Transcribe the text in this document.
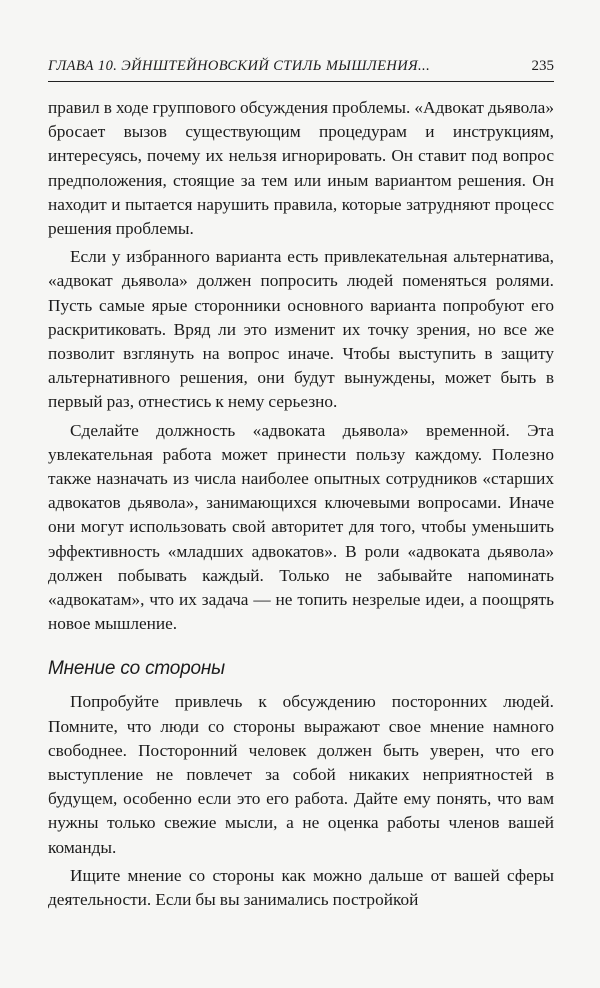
ГЛАВА 10. ЭЙНШТЕЙНОВСКИЙ СТИЛЬ МЫШЛЕНИЯ...	235

правил в ходе группового обсуждения проблемы. «Адвокат дьявола» бросает вызов существующим процедурам и инструкциям, интересуясь, почему их нельзя игнорировать. Он ставит под вопрос предположения, стоящие за тем или иным вариантом решения. Он находит и пытается нарушить правила, которые затрудняют процесс решения проблемы.

Если у избранного варианта есть привлекательная альтернатива, «адвокат дьявола» должен попросить людей поменяться ролями. Пусть самые ярые сторонники основного варианта попробуют его раскритиковать. Вряд ли это изменит их точку зрения, но все же позволит взглянуть на вопрос иначе. Чтобы выступить в защиту альтернативного решения, они будут вынуждены, может быть в первый раз, отнестись к нему серьезно.

Сделайте должность «адвоката дьявола» временной. Эта увлекательная работа может принести пользу каждому. Полезно также назначать из числа наиболее опытных сотрудников «старших адвокатов дьявола», занимающихся ключевыми вопросами. Иначе они могут использовать свой авторитет для того, чтобы уменьшить эффективность «младших адвокатов». В роли «адвоката дьявола» должен побывать каждый. Только не забывайте напоминать «адвокатам», что их задача — не топить незрелые идеи, а поощрять новое мышление.

Мнение со стороны

Попробуйте привлечь к обсуждению посторонних людей. Помните, что люди со стороны выражают свое мнение намного свободнее. Посторонний человек должен быть уверен, что его выступление не повлечет за собой никаких неприятностей в будущем, особенно если это его работа. Дайте ему понять, что вам нужны только свежие мысли, а не оценка работы членов вашей команды.

Ищите мнение со стороны как можно дальше от вашей сферы деятельности. Если бы вы занимались постройкой
